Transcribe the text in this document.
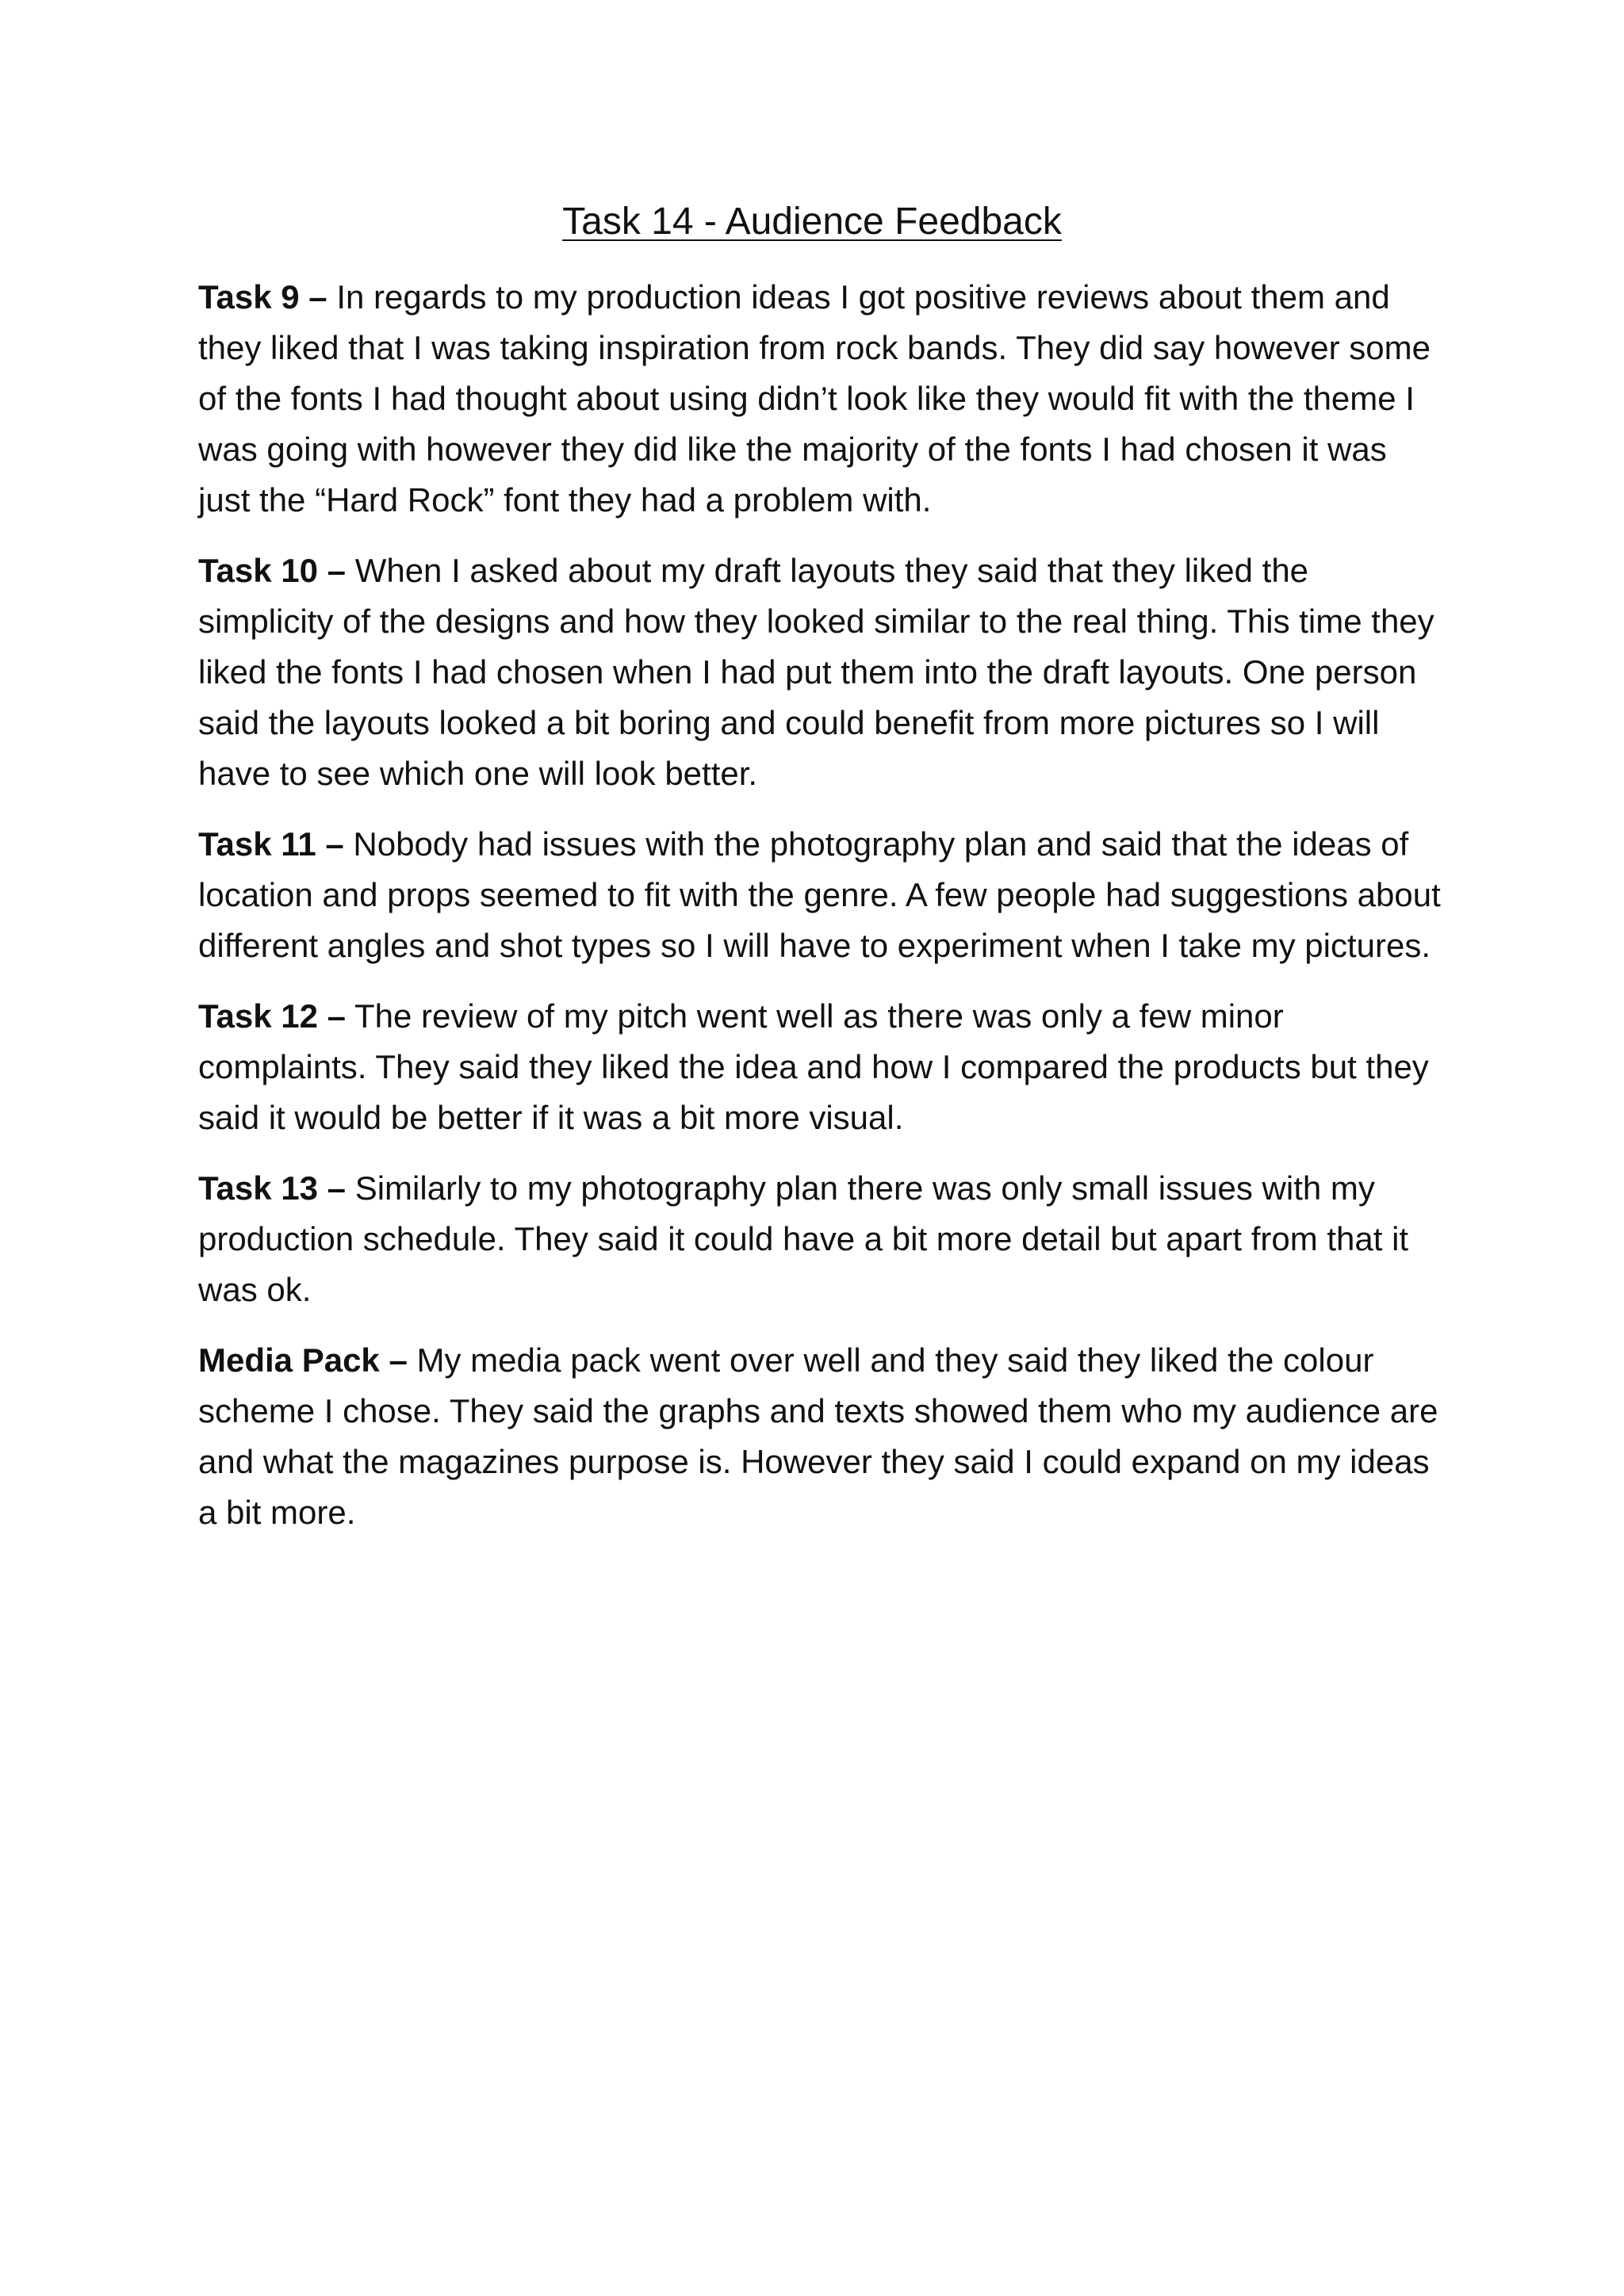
Task 14 - Audience Feedback

Task 9 – In regards to my production ideas I got positive reviews about them and they liked that I was taking inspiration from rock bands. They did say however some of the fonts I had thought about using didn’t look like they would fit with the theme I was going with however they did like the majority of the fonts I had chosen it was just the “Hard Rock” font they had a problem with.

Task 10 – When I asked about my draft layouts they said that they liked the simplicity of the designs and how they looked similar to the real thing. This time they liked the fonts I had chosen when I had put them into the draft layouts. One person said the layouts looked a bit boring and could benefit from more pictures so I will have to see which one will look better.

Task 11 – Nobody had issues with the photography plan and said that the ideas of location and props seemed to fit with the genre. A few people had suggestions about different angles and shot types so I will have to experiment when I take my pictures.

Task 12 – The review of my pitch went well as there was only a few minor complaints. They said they liked the idea and how I compared the products but they said it would be better if it was a bit more visual.

Task 13 – Similarly to my photography plan there was only small issues with my production schedule. They said it could have a bit more detail but apart from that it was ok.

Media Pack – My media pack went over well and they said they liked the colour scheme I chose. They said the graphs and texts showed them who my audience are and what the magazines purpose is. However they said I could expand on my ideas a bit more.
